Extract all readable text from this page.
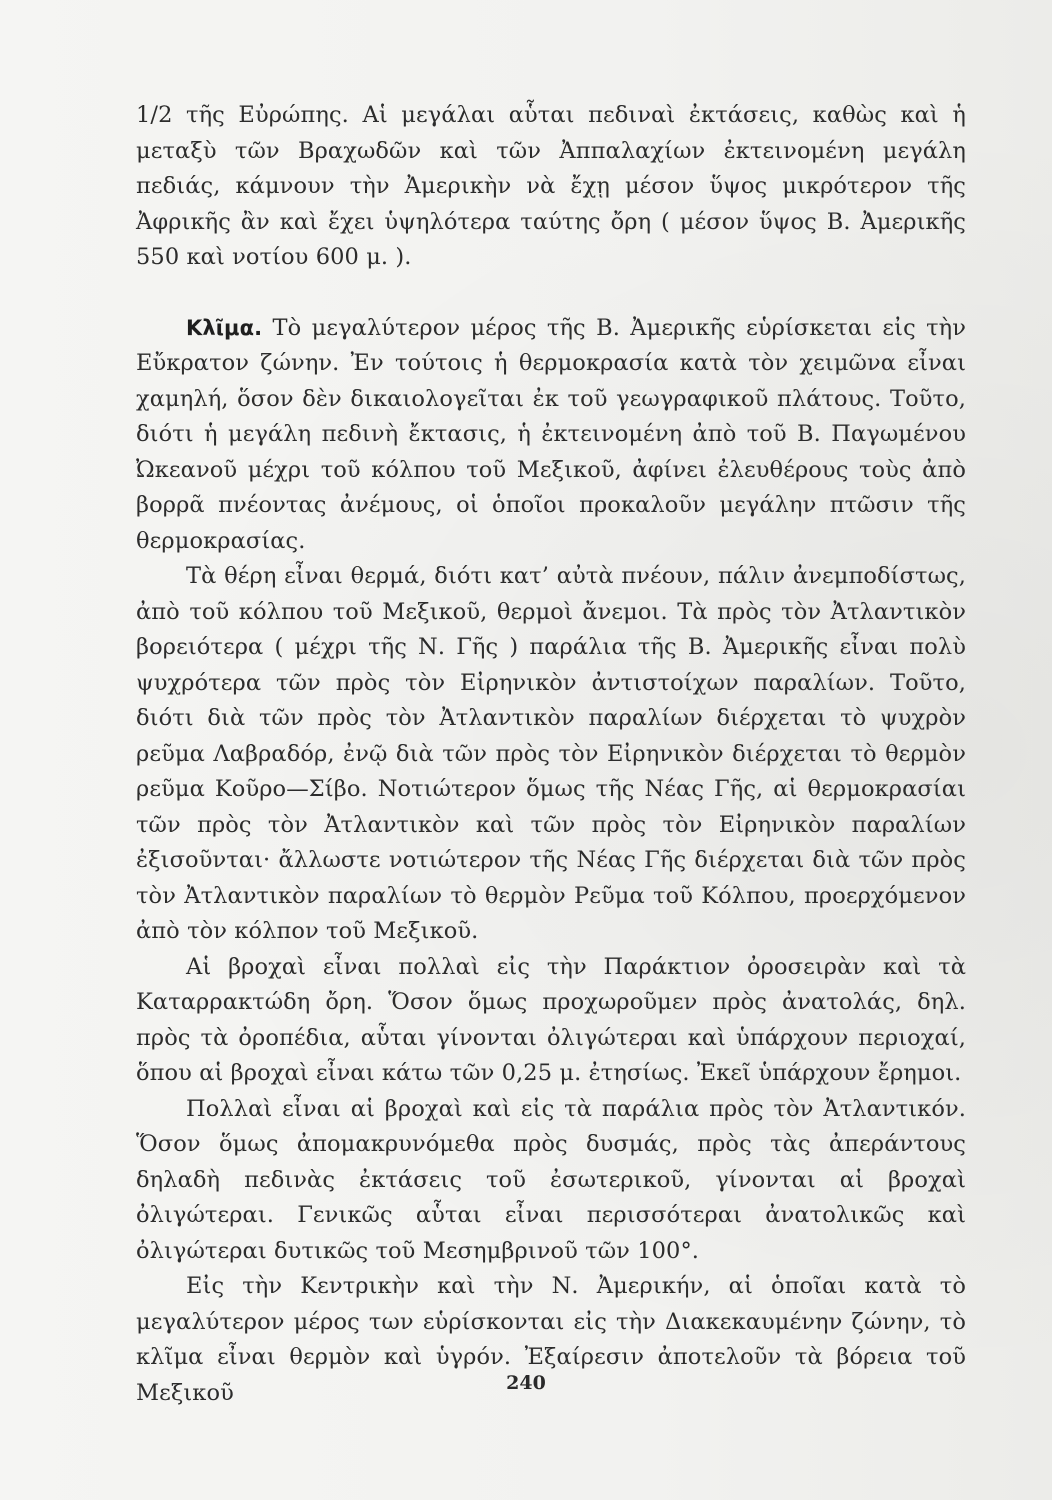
1/2 τῆς Εὐρώπης. Αἱ μεγάλαι αὗται πεδιναὶ ἐκτάσεις, καθὼς καὶ ἡ μεταξὺ τῶν Βραχωδῶν καὶ τῶν Ἀππαλαχίων ἐκτεινομένη μεγάλη πεδιάς, κάμνουν τὴν Ἀμερικὴν νὰ ἔχῃ μέσον ὕψος μικρότερον τῆς Ἀφρικῆς ἂν καὶ ἔχει ὑψηλότερα ταύτης ὄρη ( μέσον ὕψος Β. Ἀμερικῆς 550 καὶ νοτίου 600 μ. ).

Κλῖμα. Τὸ μεγαλύτερον μέρος τῆς Β. Ἀμερικῆς εὑρίσκεται εἰς τὴν Εὔκρατον ζώνην. Ἐν τούτοις ἡ θερμοκρασία κατὰ τὸν χειμῶνα εἶναι χαμηλή, ὅσον δὲν δικαιολογεῖται ἐκ τοῦ γεωγραφικοῦ πλάτους. Τοῦτο, διότι ἡ μεγάλη πεδινὴ ἔκτασις, ἡ ἐκτεινομένη ἀπὸ τοῦ Β. Παγωμένου Ὠκεανοῦ μέχρι τοῦ κόλπου τοῦ Μεξικοῦ, ἀφίνει ἐλευθέρους τοὺς ἀπὸ βορρᾶ πνέοντας ἀνέμους, οἱ ὁποῖοι προκαλοῦν μεγάλην πτῶσιν τῆς θερμοκρασίας.

Τὰ θέρη εἶναι θερμά, διότι κατ’ αὐτὰ πνέουν, πάλιν ἀνεμποδίστως, ἀπὸ τοῦ κόλπου τοῦ Μεξικοῦ, θερμοὶ ἄνεμοι. Τὰ πρὸς τὸν Ἀτλαντικὸν βορειότερα ( μέχρι τῆς Ν. Γῆς ) παράλια τῆς Β. Ἀμερικῆς εἶναι πολὺ ψυχρότερα τῶν πρὸς τὸν Εἰρηνικὸν ἀντιστοίχων παραλίων. Τοῦτο, διότι διὰ τῶν πρὸς τὸν Ἀτλαντικὸν παραλίων διέρχεται τὸ ψυχρὸν ρεῦμα Λαβραδόρ, ἐνῷ διὰ τῶν πρὸς τὸν Εἰρηνικὸν διέρχεται τὸ θερμὸν ρεῦμα Κοῦρο—Σίβο. Νοτιώτερον ὅμως τῆς Νέας Γῆς, αἱ θερμοκρασίαι τῶν πρὸς τὸν Ἀτλαντικὸν καὶ τῶν πρὸς τὸν Εἰρηνικὸν παραλίων ἐξισοῦνται· ἄλλωστε νοτιώτερον τῆς Νέας Γῆς διέρχεται διὰ τῶν πρὸς τὸν Ἀτλαντικὸν παραλίων τὸ θερμὸν Ρεῦμα τοῦ Κόλπου, προερχόμενον ἀπὸ τὸν κόλπον τοῦ Μεξικοῦ.

Αἱ βροχαὶ εἶναι πολλαὶ εἰς τὴν Παράκτιον ὀροσειρὰν καὶ τὰ Καταρρακτώδη ὄρη. Ὅσον ὅμως προχωροῦμεν πρὸς ἀνατολάς, δηλ. πρὸς τὰ ὀροπέδια, αὗται γίνονται ὀλιγώτεραι καὶ ὑπάρχουν περιοχαί, ὅπου αἱ βροχαὶ εἶναι κάτω τῶν 0,25 μ. ἐτησίως. Ἐκεῖ ὑπάρχουν ἔρημοι.

Πολλαὶ εἶναι αἱ βροχαὶ καὶ εἰς τὰ παράλια πρὸς τὸν Ἀτλαντικόν. Ὅσον ὅμως ἀπομακρυνόμεθα πρὸς δυσμάς, πρὸς τὰς ἀπεράντους δηλαδὴ πεδινὰς ἐκτάσεις τοῦ ἐσωτερικοῦ, γίνονται αἱ βροχαὶ ὀλιγώτεραι. Γενικῶς αὗται εἶναι περισσότεραι ἀνατολικῶς καὶ ὀλιγώτεραι δυτικῶς τοῦ Μεσημβρινοῦ τῶν 100°.

Εἰς τὴν Κεντρικὴν καὶ τὴν Ν. Ἀμερικήν, αἱ ὁποῖαι κατὰ τὸ μεγαλύτερον μέρος των εὑρίσκονται εἰς τὴν Διακεκαυμένην ζώνην, τὸ κλῖμα εἶναι θερμὸν καὶ ὑγρόν. Ἐξαίρεσιν ἀποτελοῦν τὰ βόρεια τοῦ Μεξικοῦ	240
